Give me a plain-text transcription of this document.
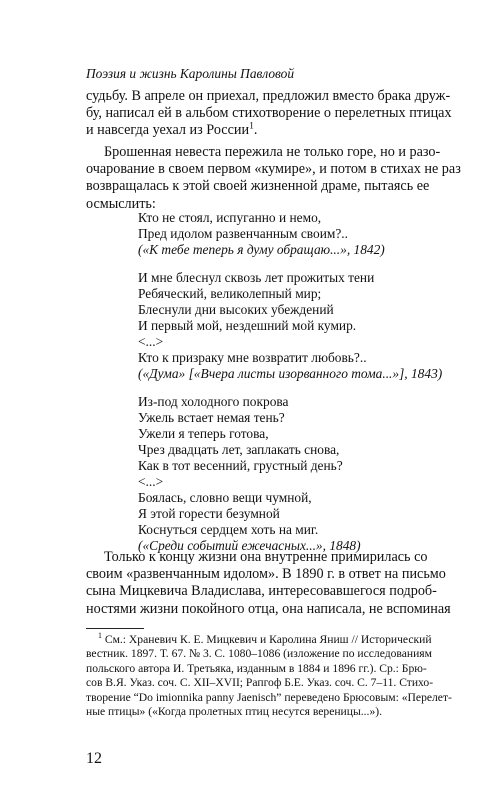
Поэзия и жизнь Каролины Павловой
судьбу. В апреле он приехал, предложил вместо брака друж-
бу, написал ей в альбом стихотворение о перелетных птицах
и навсегда уехал из России$^1$.
Брошенная невеста пережила не только горе, но и разо-
очарование в своем первом «кумире», и потом в стихах не раз
возвращалась к этой своей жизненной драме, пытаясь ее
осмыслить:
Кто не стоял, испуганно и немо,
Пред идолом развенчанным своим?..
(«К тебе теперь я думу обращаю...», 1842)
И мне блеснул сквозь лет прожитых тени
Ребяческий, великолепный мир;
Блеснули дни высоких убеждений
И первый мой, нездешний мой кумир.
<...>
Кто к призраку мне возвратит любовь?..
(«Дума» [«Вчера листы изорванного тома...»], 1843)
Из-под холодного покрова
Ужель встает немая тень?
Ужели я теперь готова,
Чрез двадцать лет, заплакать снова,
Как в тот весенний, грустный день?
<...>
Боялась, словно вещи чумной,
Я этой горести безумной
Коснуться сердцем хоть на миг.
(«Среди событий ежечасных...», 1848)
Только к концу жизни она внутренне примирилась со
своим «развенчанным идолом». В 1890 г. в ответ на письмо
сына Мицкевича Владислава, интересовавшегося подроб-
ностями жизни покойного отца, она написала, не вспоминая
$^1$ См.: Храневич К. Е. Мицкевич и Каролина Яниш // Исторический
вестник. 1897. Т. 67. № 3. С. 1080–1086 (изложение по исследованиям
польского автора И. Третьяка, изданным в 1884 и 1896 гг.). Ср.: Брю-
сов В.Я. Указ. соч. С. XII–XVII; Рапгоф Б.Е. Указ. соч. С. 7–11. Стихо-
творение “Do imionnika panny Jaenisch” переведено Брюсовым: «Перелет-
ные птицы» («Когда пролетных птиц несутся вереницы...»).
12
